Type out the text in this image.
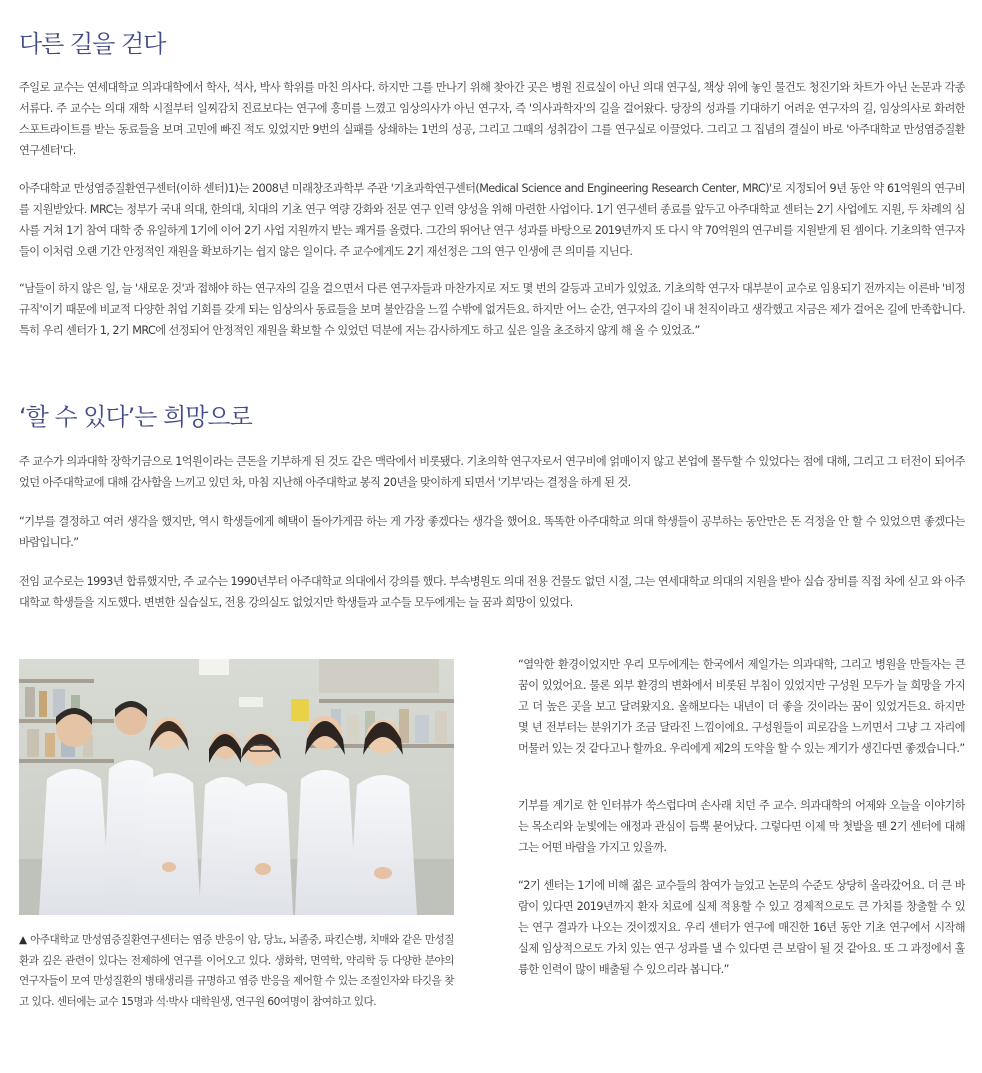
다른 길을 걷다

주일로 교수는 연세대학교 의과대학에서 학사, 석사, 박사 학위를 마친 의사다. 하지만 그를 만나기 위해 찾아간 곳은 병원 진료실이 아닌 의대 연구실, 책상 위에 놓인 물건도 청진기와 차트가 아닌 논문과 각종 서류다. 주 교수는 의대 재학 시절부터 일찌감치 진료보다는 연구에 흥미를 느꼈고 임상의사가 아닌 연구자, 즉 '의사과학자'의 길을 걸어왔다. 당장의 성과를 기대하기 어려운 연구자의 길, 임상의사로 화려한 스포트라이트를 받는 동료들을 보며 고민에 빠진 적도 있었지만 9번의 실패를 상쇄하는 1번의 성공, 그리고 그때의 성취감이 그를 연구실로 이끌었다. 그리고 그 집념의 결실이 바로 '아주대학교 만성염증질환연구센터'다.

아주대학교 만성염증질환연구센터(이하 센터)1)는 2008년 미래창조과학부 주관 '기초과학연구센터(Medical Science and Engineering Research Center, MRC)'로 지정되어 9년 동안 약 61억원의 연구비를 지원받았다. MRC는 정부가 국내 의대, 한의대, 치대의 기초 연구 역량 강화와 전문 연구 인력 양성을 위해 마련한 사업이다. 1기 연구센터 종료를 앞두고 아주대학교 센터는 2기 사업에도 지원, 두 차례의 심사를 거쳐 1기 참여 대학 중 유일하게 1기에 이어 2기 사업 지원까지 받는 쾌거를 올렸다. 그간의 뛰어난 연구 성과를 바탕으로 2019년까지 또 다시 약 70억원의 연구비를 지원받게 된 셈이다. 기초의학 연구자들이 이처럼 오랜 기간 안정적인 재원을 확보하기는 쉽지 않은 일이다. 주 교수에게도 2기 재선정은 그의 연구 인생에 큰 의미를 지닌다.

“남들이 하지 않은 일, 늘 '새로운 것'과 접해야 하는 연구자의 길을 걸으면서 다른 연구자들과 마찬가지로 저도 몇 번의 갈등과 고비가 있었죠. 기초의학 연구자 대부분이 교수로 임용되기 전까지는 이른바 '비정규직'이기 때문에 비교적 다양한 취업 기회를 갖게 되는 임상의사 동료들을 보며 불안감을 느낄 수밖에 없거든요. 하지만 어느 순간, 연구자의 길이 내 천직이라고 생각했고 지금은 제가 걸어온 길에 만족합니다. 특히 우리 센터가 1, 2기 MRC에 선정되어 안정적인 재원을 확보할 수 있었던 덕분에 저는 감사하게도 하고 싶은 일을 초조하지 않게 해 올 수 있었죠.”

‘할 수 있다’는 희망으로

주 교수가 의과대학 장학기금으로 1억원이라는 큰돈을 기부하게 된 것도 같은 맥락에서 비롯됐다. 기초의학 연구자로서 연구비에 얽매이지 않고 본업에 몰두할 수 있었다는 점에 대해, 그리고 그 터전이 되어주었던 아주대학교에 대해 감사함을 느끼고 있던 차, 마침 지난해 아주대학교 봉직 20년을 맞이하게 되면서 '기부'라는 결정을 하게 된 것.

“기부를 결정하고 여러 생각을 했지만, 역시 학생들에게 혜택이 돌아가게끔 하는 게 가장 좋겠다는 생각을 했어요. 똑똑한 아주대학교 의대 학생들이 공부하는 동안만은 돈 걱정을 안 할 수 있었으면 좋겠다는 바람입니다.”

전임 교수로는 1993년 합류했지만, 주 교수는 1990년부터 아주대학교 의대에서 강의를 했다. 부속병원도 의대 전용 건물도 없던 시절, 그는 연세대학교 의대의 지원을 받아 실습 장비를 직접 차에 싣고 와 아주대학교 학생들을 지도했다. 변변한 실습실도, 전용 강의실도 없었지만 학생들과 교수들 모두에게는 늘 꿈과 희망이 있었다.

▲ 아주대학교 만성염증질환연구센터는 염증 반응이 암, 당뇨, 뇌졸중, 파킨슨병, 치매와 같은 만성질환과 깊은 관련이 있다는 전제하에 연구를 이어오고 있다. 생화학, 면역학, 약리학 등 다양한 분야의 연구자들이 모여 만성질환의 병태생리를 규명하고 염증 반응을 제어할 수 있는 조절인자와 타깃을 찾고 있다. 센터에는 교수 15명과 석·박사 대학원생, 연구원 60여명이 참여하고 있다.

“열악한 환경이었지만 우리 모두에게는 한국에서 제일가는 의과대학, 그리고 병원을 만들자는 큰 꿈이 있었어요. 물론 외부 환경의 변화에서 비롯된 부침이 있었지만 구성원 모두가 늘 희망을 가지고 더 높은 곳을 보고 달려왔지요. 올해보다는 내년이 더 좋을 것이라는 꿈이 있었거든요. 하지만 몇 년 전부터는 분위기가 조금 달라진 느낌이에요. 구성원들이 피로감을 느끼면서 그냥 그 자리에 머물러 있는 것 같다고나 할까요. 우리에게 제2의 도약을 할 수 있는 계기가 생긴다면 좋겠습니다.”

기부를 계기로 한 인터뷰가 쑥스럽다며 손사래 치던 주 교수. 의과대학의 어제와 오늘을 이야기하는 목소리와 눈빛에는 애정과 관심이 듬뿍 묻어났다. 그렇다면 이제 막 첫발을 뗀 2기 센터에 대해 그는 어떤 바람을 가지고 있을까.

“2기 센터는 1기에 비해 젊은 교수들의 참여가 늘었고 논문의 수준도 상당히 올라갔어요. 더 큰 바람이 있다면 2019년까지 환자 치료에 실제 적용할 수 있고 경제적으로도 큰 가치를 창출할 수 있는 연구 결과가 나오는 것이겠지요. 우리 센터가 연구에 매진한 16년 동안 기초 연구에서 시작해 실제 임상적으로도 가치 있는 연구 성과를 낼 수 있다면 큰 보람이 될 것 같아요. 또 그 과정에서 훌륭한 인력이 많이 배출될 수 있으리라 봅니다.”
